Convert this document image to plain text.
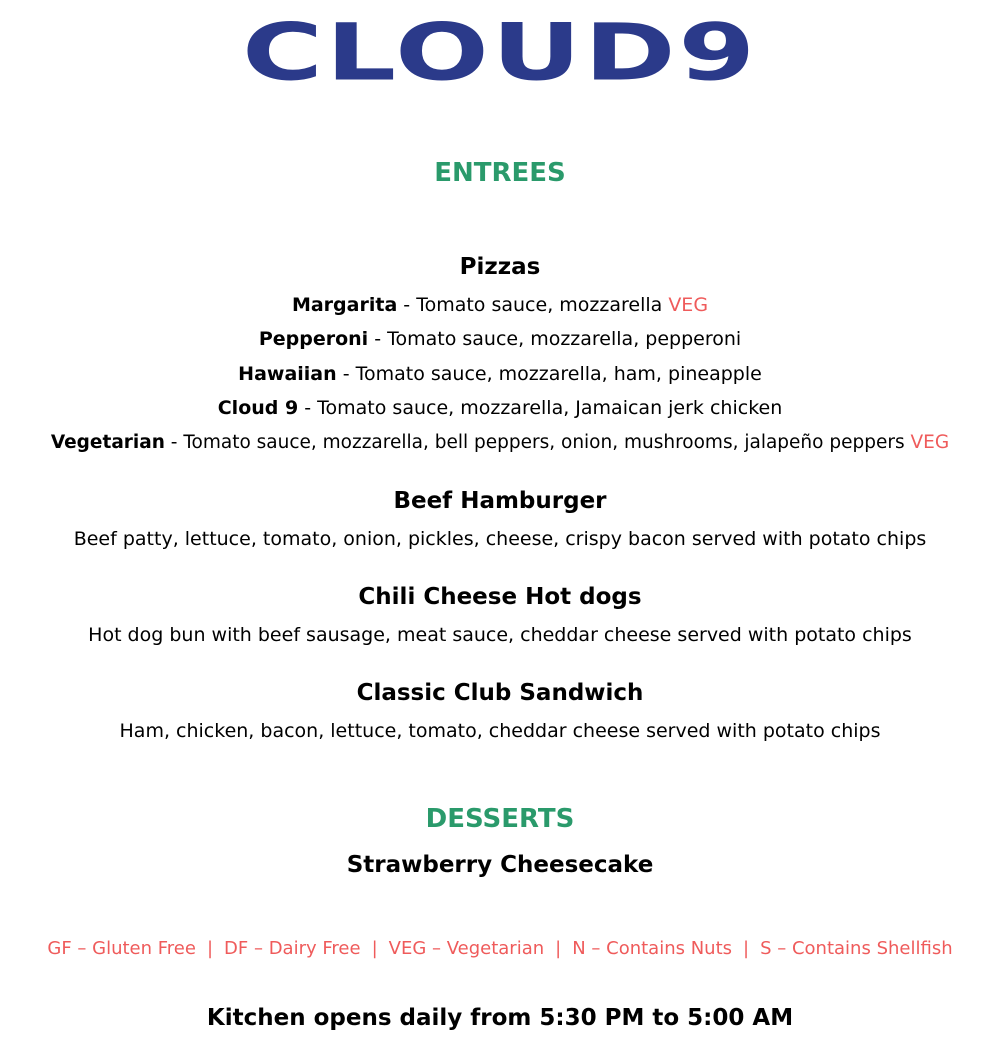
CLOUD9
ENTREES
Pizzas
Margarita - Tomato sauce, mozzarella VEG
Pepperoni - Tomato sauce, mozzarella, pepperoni
Hawaiian - Tomato sauce, mozzarella, ham, pineapple
Cloud 9 - Tomato sauce, mozzarella, Jamaican jerk chicken
Vegetarian - Tomato sauce, mozzarella, bell peppers, onion, mushrooms, jalapeño peppers VEG
Beef Hamburger
Beef patty, lettuce, tomato, onion, pickles, cheese, crispy bacon served with potato chips
Chili Cheese Hot dogs
Hot dog bun with beef sausage, meat sauce, cheddar cheese served with potato chips
Classic Club Sandwich
Ham, chicken, bacon, lettuce, tomato, cheddar cheese served with potato chips
DESSERTS
Strawberry Cheesecake
GF – Gluten Free | DF – Dairy Free | VEG – Vegetarian | N – Contains Nuts | S – Contains Shellfish
Kitchen opens daily from 5:30 PM to 5:00 AM
